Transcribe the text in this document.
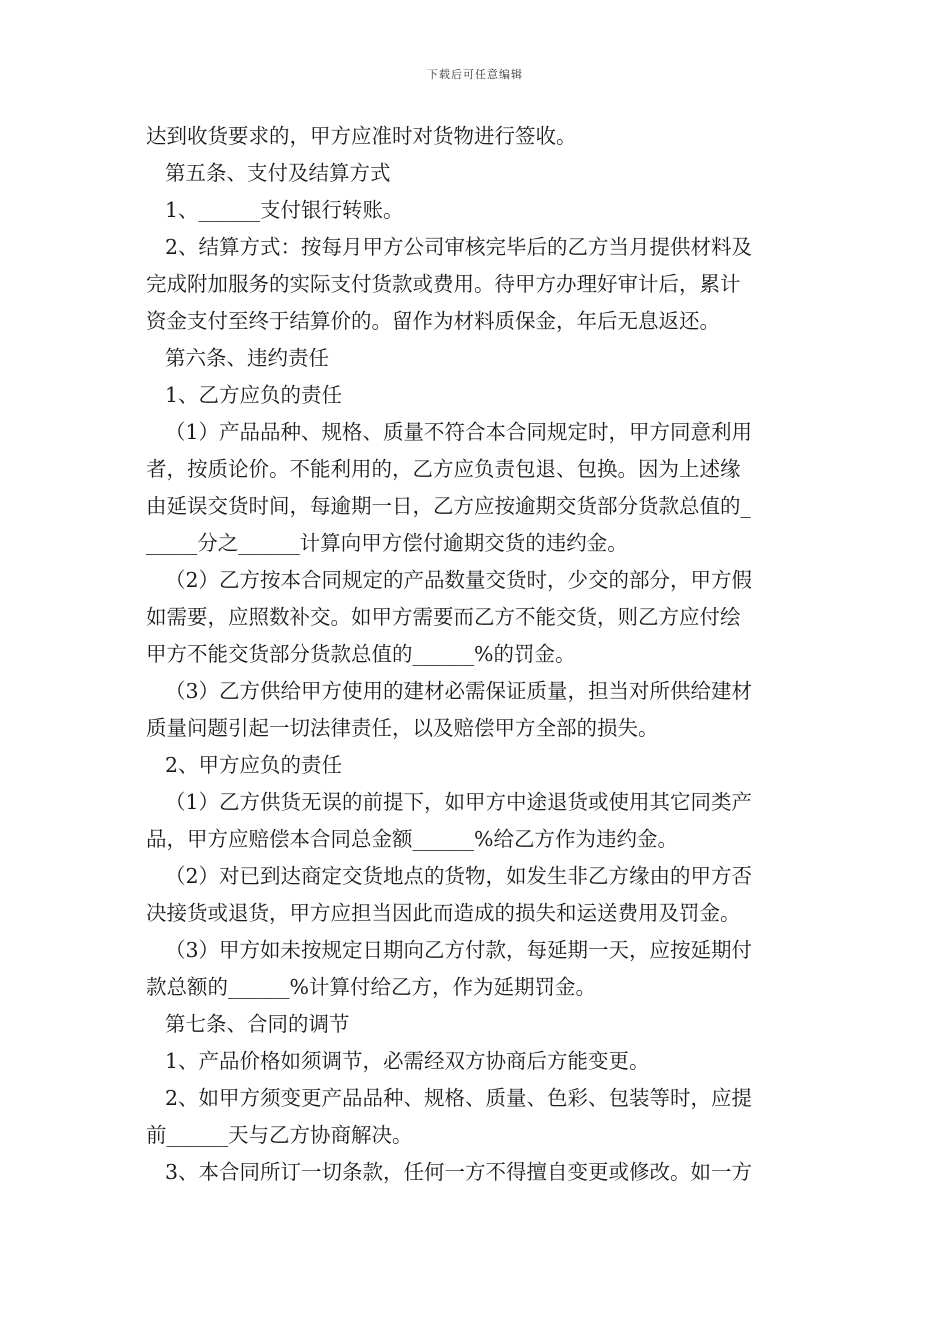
下载后可任意编辑
达到收货要求的，甲方应准时对货物进行签收。
第五条、支付及结算方式
1、______支付银行转账。
2、结算方式：按每月甲方公司审核完毕后的乙方当月提供材料及
完成附加服务的实际支付货款或费用。待甲方办理好审计后，累计
资金支付至终于结算价的。留作为材料质保金，年后无息返还。
第六条、违约责任
1、乙方应负的责任
（1）产品品种、规格、质量不符合本合同规定时，甲方同意利用
者，按质论价。不能利用的，乙方应负责包退、包换。因为上述缘
由延误交货时间，每逾期一日，乙方应按逾期交货部分货款总值的_
_____分之______计算向甲方偿付逾期交货的违约金。
（2）乙方按本合同规定的产品数量交货时，少交的部分，甲方假
如需要，应照数补交。如甲方需要而乙方不能交货，则乙方应付绘
甲方不能交货部分货款总值的______%的罚金。
（3）乙方供给甲方使用的建材必需保证质量，担当对所供给建材
质量问题引起一切法律责任，以及赔偿甲方全部的损失。
2、甲方应负的责任
（1）乙方供货无误的前提下，如甲方中途退货或使用其它同类产
品，甲方应赔偿本合同总金额______%给乙方作为违约金。
（2）对已到达商定交货地点的货物，如发生非乙方缘由的甲方否
决接货或退货，甲方应担当因此而造成的损失和运送费用及罚金。
（3）甲方如未按规定日期向乙方付款，每延期一天，应按延期付
款总额的______%计算付给乙方，作为延期罚金。
第七条、合同的调节
1、产品价格如须调节，必需经双方协商后方能变更。
2、如甲方须变更产品品种、规格、质量、色彩、包装等时，应提
前______天与乙方协商解决。
3、本合同所订一切条款，任何一方不得擅自变更或修改。如一方
